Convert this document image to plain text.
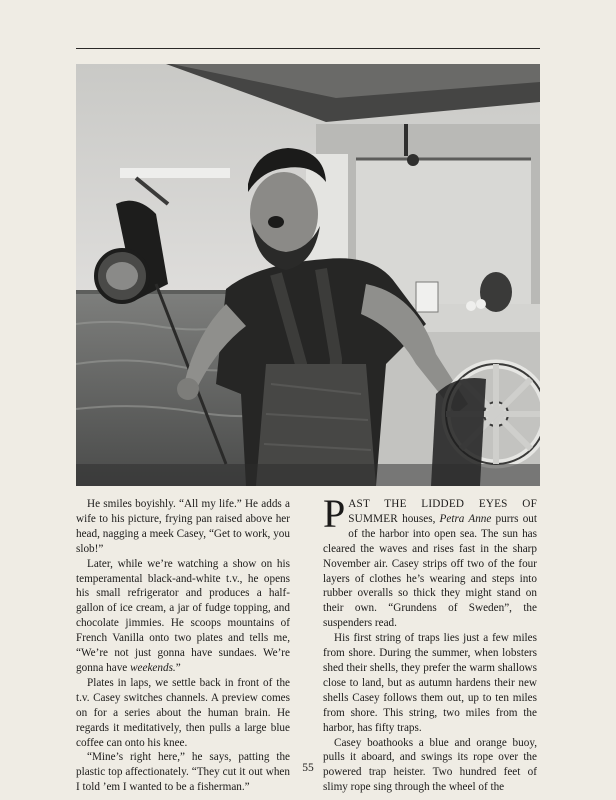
He smiles boyishly. “All my life.” He adds a wife to his picture, frying pan raised above her head, nagging a meek Casey, “Get to work, you slob!”

Later, while we’re watching a show on his temperamental black-and-white t.v., he opens his small refrigerator and produces a half-gallon of ice cream, a jar of fudge topping, and chocolate jimmies. He scoops mountains of French Vanilla onto two plates and tells me, “We’re not just gonna have sundaes. We’re gonna have weekends.”

Plates in laps, we settle back in front of the t.v. Casey switches channels. A preview comes on for a series about the human brain. He regards it meditatively, then pulls a large blue coffee can onto his knee.

“Mine’s right here,” he says, patting the plastic top affectionately. “They cut it out when I told ’em I wanted to be a fisherman.”

PAST THE LIDDED EYES OF SUMMER houses, Petra Anne purrs out of the harbor into open sea. The sun has cleared the waves and rises fast in the sharp November air. Casey strips off two of the four layers of clothes he’s wearing and steps into rubber overalls so thick they might stand on their own. “Grundens of Sweden”, the suspenders read.

His first string of traps lies just a few miles from shore. During the summer, when lobsters shed their shells, they prefer the warm shallows close to land, but as autumn hardens their new shells Casey follows them out, up to ten miles from shore. This string, two miles from the harbor, has fifty traps.

Casey boathooks a blue and orange buoy, pulls it aboard, and swings its rope over the powered trap heister. Two hundred feet of slimy rope sing through the wheel of the

55
